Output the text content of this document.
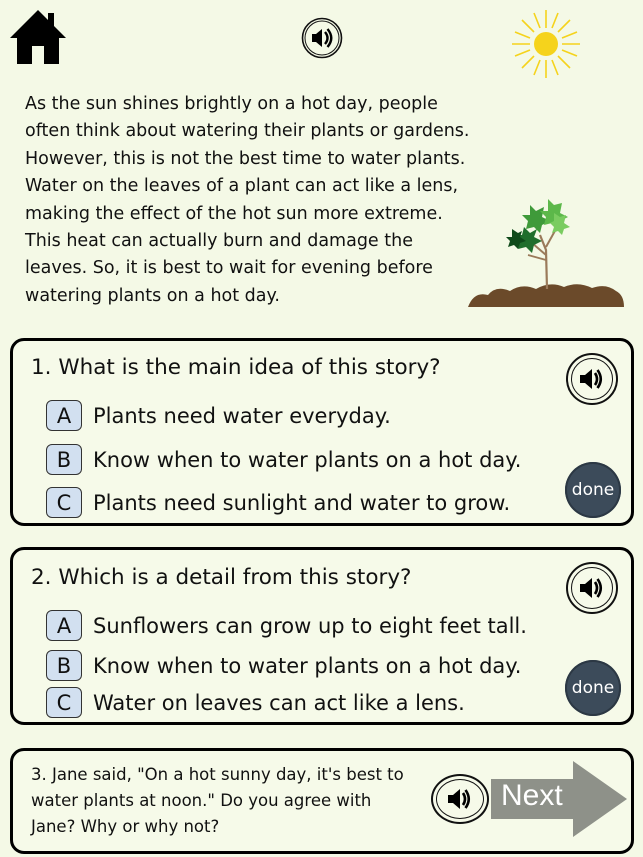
As the sun shines brightly on a hot day, people
often think about watering their plants or gardens.
However, this is not the best time to water plants.
Water on the leaves of a plant can act like a lens,
making the effect of the hot sun more extreme.
This heat can actually burn and damage the
leaves. So, it is best to wait for evening before
watering plants on a hot day.
1. What is the main idea of this story?
A	Plants need water everyday.
B	Know when to water plants on a hot day.
C	Plants need sunlight and water to grow.
done
2. Which is a detail from this story?
A	Sunflowers can grow up to eight feet tall.
B	Know when to water plants on a hot day.
C	Water on leaves can act like a lens.
done
3. Jane said, "On a hot sunny day, it's best to
water plants at noon." Do you agree with
Jane? Why or why not?
Next
